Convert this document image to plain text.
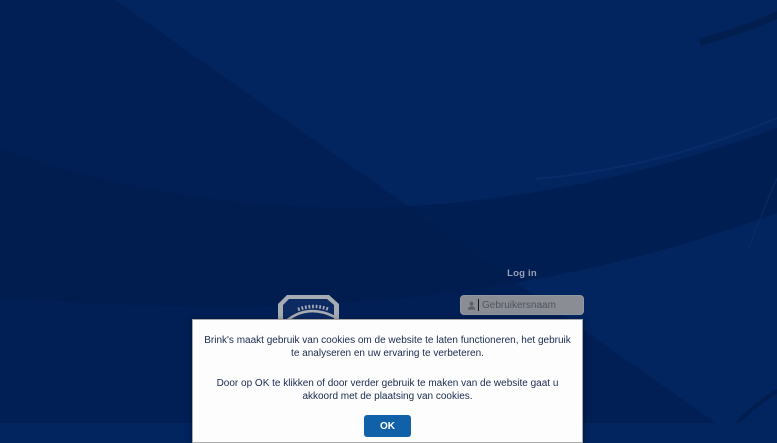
Log in
Gebruikersnaam

Brink's maakt gebruik van cookies om de website te laten functioneren, het gebruik te analyseren en uw ervaring te verbeteren.

Door op OK te klikken of door verder gebruik te maken van de website gaat u akkoord met de plaatsing van cookies.

OK
